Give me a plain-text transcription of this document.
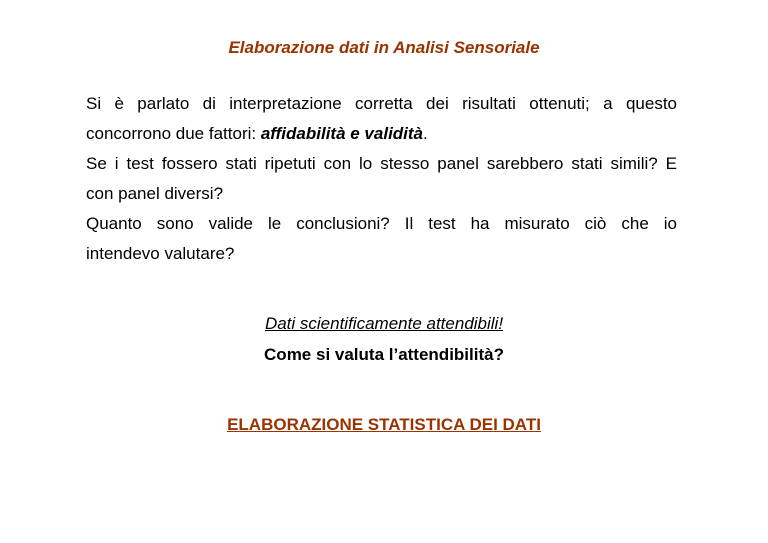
Elaborazione dati in Analisi Sensoriale

Si è parlato di interpretazione corretta dei risultati ottenuti; a questo

concorrono due fattori: affidabilità e validità.

Se i test fossero stati ripetuti con lo stesso panel sarebbero stati simili? E

con panel diversi?

Quanto sono valide le conclusioni? Il test ha misurato ciò che io

intendevo valutare?

Dati scientificamente attendibili!
Come si valuta l’attendibilità?
ELABORAZIONE STATISTICA DEI DATI
